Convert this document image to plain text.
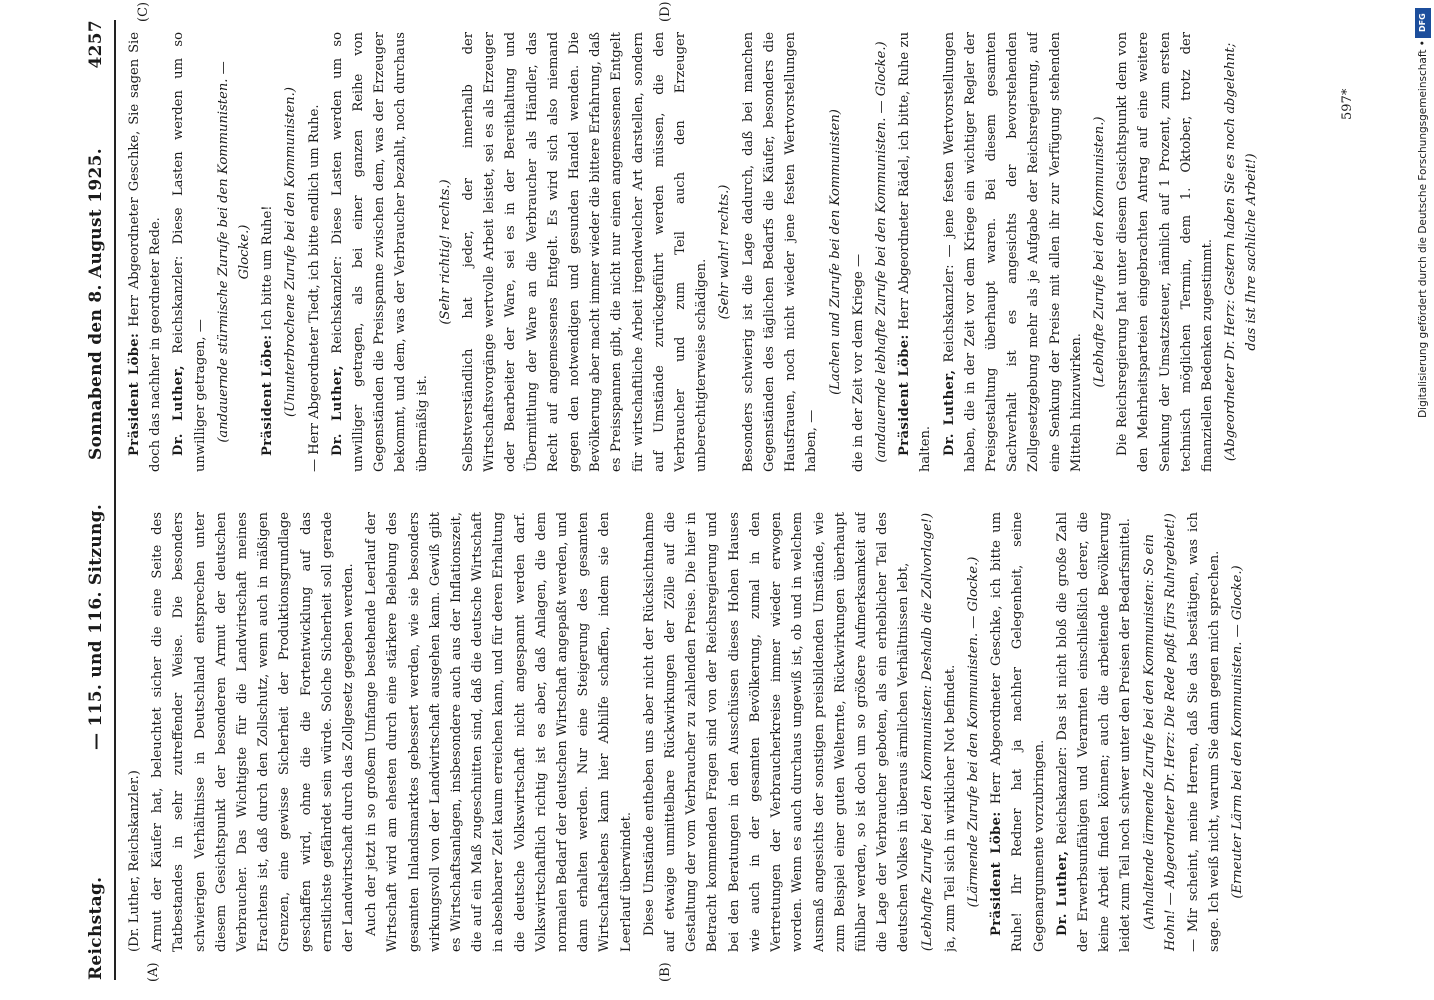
Reichstag.
— 115. und 116. Sitzung.
Sonnabend den 8. August 1925.
4257
(A)	(B)
(C)	(D)

(Dr. Luther, Reichskanzler.) Armut der Käufer hat, beleuchtet sicher die eine Seite des Tatbestandes in sehr zutreffender Weise. Die besonders schwierigen Verhältnisse in Deutschland entsprechen unter diesem Gesichtspunkt der besonderen Armut der deutschen Verbraucher. Das Wichtigste für die Landwirtschaft meines Erachtens ist, daß durch den Zollschutz, wenn auch in mäßigen Grenzen, eine gewisse Sicherheit der Produktionsgrundlage geschaffen wird, ohne die die Fortentwicklung auf das ernstlichste gefährdet sein würde. Solche Sicherheit soll gerade der Landwirtschaft durch das Zollgesetz gegeben werden. Auch der jetzt in so großem Umfange bestehende Leerlauf der Wirtschaft wird am ehesten durch eine stärkere Belebung des gesamten Inlandsmarktes gebessert werden, wie sie besonders wirkungsvoll von der Landwirtschaft ausgehen kann. Gewiß gibt es Wirtschaftsanlagen, insbesondere auch aus der Inflationszeit, die auf ein Maß zugeschnitten sind, daß die deutsche Wirtschaft in absehbarer Zeit kaum erreichen kann, und für deren Erhaltung die deutsche Volkswirtschaft nicht angespannt werden darf. Volkswirtschaftlich richtig ist es aber, daß Anlagen, die dem normalen Bedarf der deutschen Wirtschaft angepaßt werden, und dann erhalten werden. Nur eine Steigerung des gesamten Wirtschaftslebens kann hier Abhilfe schaffen, indem sie den Leerlauf überwindet. Diese Umstände entheben uns aber nicht der Rücksichtnahme auf etwaige unmittelbare Rückwirkungen der Zölle auf die Gestaltung der vom Verbraucher zu zahlenden Preise. Die hier in Betracht kommenden Fragen sind von der Reichsregierung und bei den Beratungen in den Ausschüssen dieses Hohen Hauses wie auch in der gesamten Bevölkerung, zumal in den Vertretungen der Verbraucherkreise immer wieder erwogen worden. Wenn es auch durchaus ungewiß ist, ob und in welchem Ausmaß angesichts der sonstigen preisbildenden Umstände, wie zum Beispiel einer guten Welternte, Rückwirkungen überhaupt fühlbar werden, so ist doch um so größere Aufmerksamkeit auf die Lage der Verbraucher geboten, als ein erheblicher Teil des deutschen Volkes in überaus ärmlichen Verhältnissen lebt, (Lebhafte Zurufe bei den Kommunisten: Deshalb die Zollvorlage!) ja, zum Teil sich in wirklicher Not befindet. (Lärmende Zurufe bei den Kommunisten. — Glocke.) Präsident Löbe: Herr Abgeordneter Geschke, ich bitte um Ruhe! Ihr Redner hat ja nachher Gelegenheit, seine Gegenargumente vorzubringen. Dr. Luther, Reichskanzler: Das ist nicht bloß die große Zahl der Erwerbsunfähigen und Verarmten einschließlich derer, die keine Arbeit finden können; auch die arbeitende Bevölkerung leidet zum Teil noch schwer unter den Preisen der Bedarfsmittel. (Anhaltende lärmende Zurufe bei den Kommunisten: So ein Hohn! — Abgeordneter Dr. Herz: Die Rede paßt fürs Ruhrgebiet!) — Mir scheint, meine Herren, daß Sie das bestätigen, was ich sage. Ich weiß nicht, warum Sie dann gegen mich sprechen. (Erneuter Lärm bei den Kommunisten. — Glocke.)

Präsident Löbe: Herr Abgeordneter Geschke, Sie sagen Sie doch das nachher in geordneter Rede. Dr. Luther, Reichskanzler: Diese Lasten werden um so unwilliger getragen, — (andauernde stürmische Zurufe bei den Kommunisten. — Glocke.)

Präsident Löbe: Ich bitte um Ruhe! (Ununterbrochene Zurufe bei den Kommunisten.) — Herr Abgeordneter Tiedt, ich bitte endlich um Ruhe. Dr. Luther, Reichskanzler: Diese Lasten werden um so unwilliger getragen, als bei einer ganzen Reihe von Gegenständen die Preisspanne zwischen dem, was der Erzeuger bekommt, und dem, was der Verbraucher bezahlt, noch durchaus übermäßig ist.

(Sehr richtig! rechts.) Selbstverständlich hat jeder, der innerhalb der Wirtschaftsvorgänge wertvolle Arbeit leistet, sei es als Erzeuger oder Bearbeiter der Ware, sei es in der Bereithaltung und Übermittlung der Ware an die Verbraucher als Händler, das Recht auf angemessenes Entgelt. Es wird sich also niemand gegen den notwendigen und gesunden Handel wenden. Die Bevölkerung aber macht immer wieder die bittere Erfahrung, daß es Preisspannen gibt, die nicht nur einen angemessenen Entgelt für wirtschaftliche Arbeit irgendwelcher Art darstellen, sondern auf Umstände zurückgeführt werden müssen, die den Verbraucher und zum Teil auch den Erzeuger unberechtigterweise schädigen.

(Sehr wahr! rechts.) Besonders schwierig ist die Lage dadurch, daß bei manchen Gegenständen des täglichen Bedarfs die Käufer, besonders die Hausfrauen, noch nicht wieder jene festen Wertvorstellungen haben, —

(Lachen und Zurufe bei den Kommunisten) die in der Zeit vor dem Kriege — (andauernde lebhafte Zurufe bei den Kommunisten. — Glocke.) Präsident Löbe: Herr Abgeordneter Rädel, ich bitte, Ruhe zu halten. Dr. Luther, Reichskanzler: — jene festen Wertvorstellungen haben, die in der Zeit vor dem Kriege ein wichtiger Regler der Preisgestaltung überhaupt waren. Bei diesem gesamten Sachverhalt ist es angesichts der bevorstehenden Zollgesetzgebung mehr als je Aufgabe der Reichsregierung, auf eine Senkung der Preise mit allen ihr zur Verfügung stehenden Mitteln hinzuwirken.

(Lebhafte Zurufe bei den Kommunisten.) Die Reichsregierung hat unter diesem Gesichtspunkt dem von den Mehrheitsparteien eingebrachten Antrag auf eine weitere Senkung der Umsatzsteuer, nämlich auf 1 Prozent, zum ersten technisch möglichen Termin, dem 1. Oktober, trotz der finanziellen Bedenken zugestimmt. (Abgeordneter Dr. Herz: Gestern haben Sie es noch abgelehnt; das ist Ihre sachliche Arbeit!)

597*	Digitalisierung gefördert durch die Deutsche Forschungsgemeinschaft •
DFG
